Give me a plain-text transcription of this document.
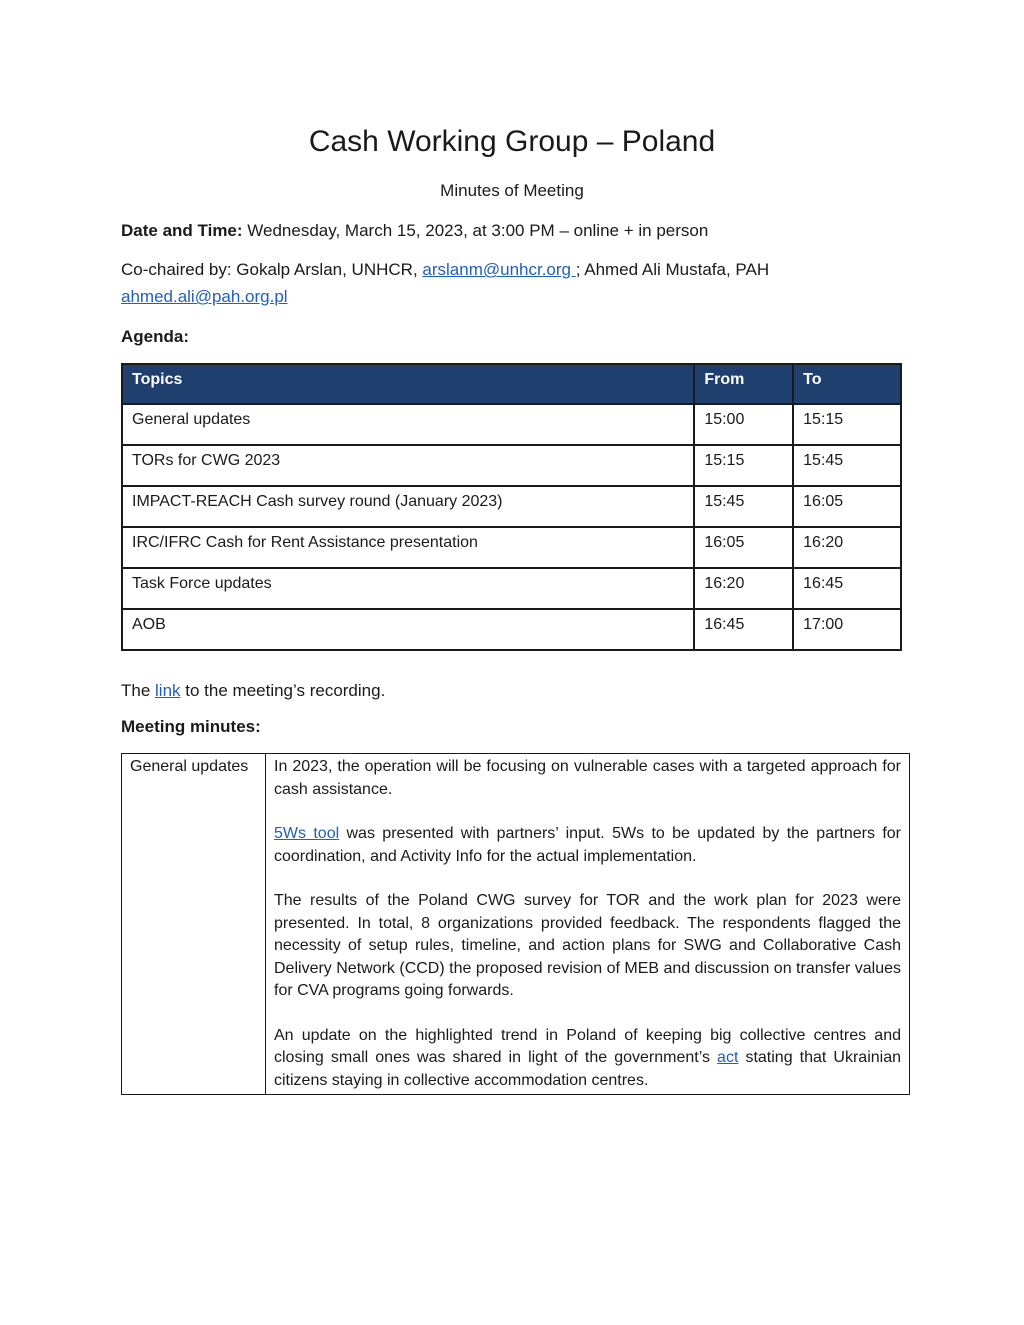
Cash Working Group – Poland
Minutes of Meeting
Date and Time: Wednesday, March 15, 2023, at 3:00 PM – online + in person
Co-chaired by: Gokalp Arslan, UNHCR, arslanm@unhcr.org ; Ahmed Ali Mustafa, PAH
ahmed.ali@pah.org.pl
Agenda:
Topics	From	To
General updates	15:00	15:15
TORs for CWG 2023	15:15	15:45
IMPACT-REACH Cash survey round (January 2023)	15:45	16:05
IRC/IFRC Cash for Rent Assistance presentation	16:05	16:20
Task Force updates	16:20	16:45
AOB	16:45	17:00
The link to the meeting’s recording.
Meeting minutes:
General updates	In 2023, the operation will be focusing on vulnerable cases with a targeted approach for cash assistance.

5Ws tool was presented with partners’ input. 5Ws to be updated by the partners for coordination, and Activity Info for the actual implementation.

The results of the Poland CWG survey for TOR and the work plan for 2023 were presented. In total, 8 organizations provided feedback. The respondents flagged the necessity of setup rules, timeline, and action plans for SWG and Collaborative Cash Delivery Network (CCD) the proposed revision of MEB and discussion on transfer values for CVA programs going forwards.

An update on the highlighted trend in Poland of keeping big collective centres and closing small ones was shared in light of the government’s act stating that Ukrainian citizens staying in collective accommodation centres.
